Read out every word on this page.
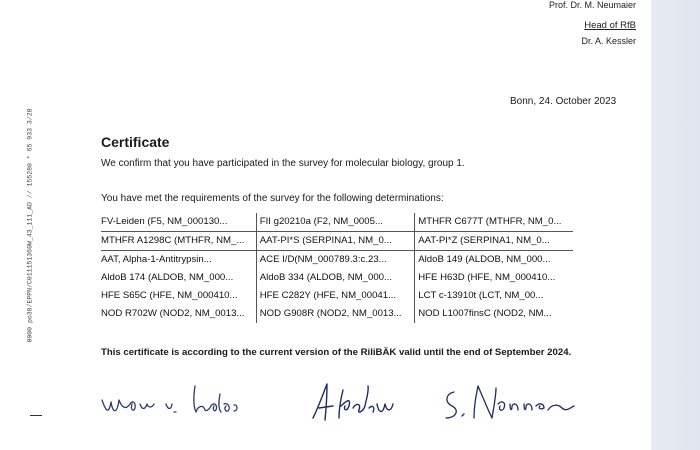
Prof. Dr. M. Neumaier
Head of RfB
Dr. A. Kessler
Bonn, 24. October 2023
Certificate
We confirm that you have participated in the survey for molecular biology, group 1.
You have met the requirements of the survey for the following determinations:
FV-Leiden (F5, NM_000130...	FII g20210a (F2, NM_0005...	MTHFR C677T (MTHFR, NM_0...
MTHFR A1298C (MTHFR, NM_...	AAT-PI*S (SERPINA1, NM_0...	AAT-PI*Z (SERPINA1, NM_0...
AAT, Alpha-1-Antitrypsin...	ACE I/D(NM_000789.3:c.23...	AldoB 149 (ALDOB, NM_000...
AldoB 174 (ALDOB, NM_000...	AldoB 334 (ALDOB, NM_000...	HFE H63D (HFE, NM_000410...
HFE S65C (HFE, NM_000410...	HFE C282Y (HFE, NM_00041...	LCT c-13910t (LCT, NM_00...
NOD R702W (NOD2, NM_0013...	NOD G908R (NOD2, NM_0013...	NOD L1007finsC (NOD2, NM...
This certificate is according to the current version of the RiliBÄK valid until the end of September 2024.
0000 po38/EPPN/C011151360W_43_111_AD // 155280 * 65 933 3/28
